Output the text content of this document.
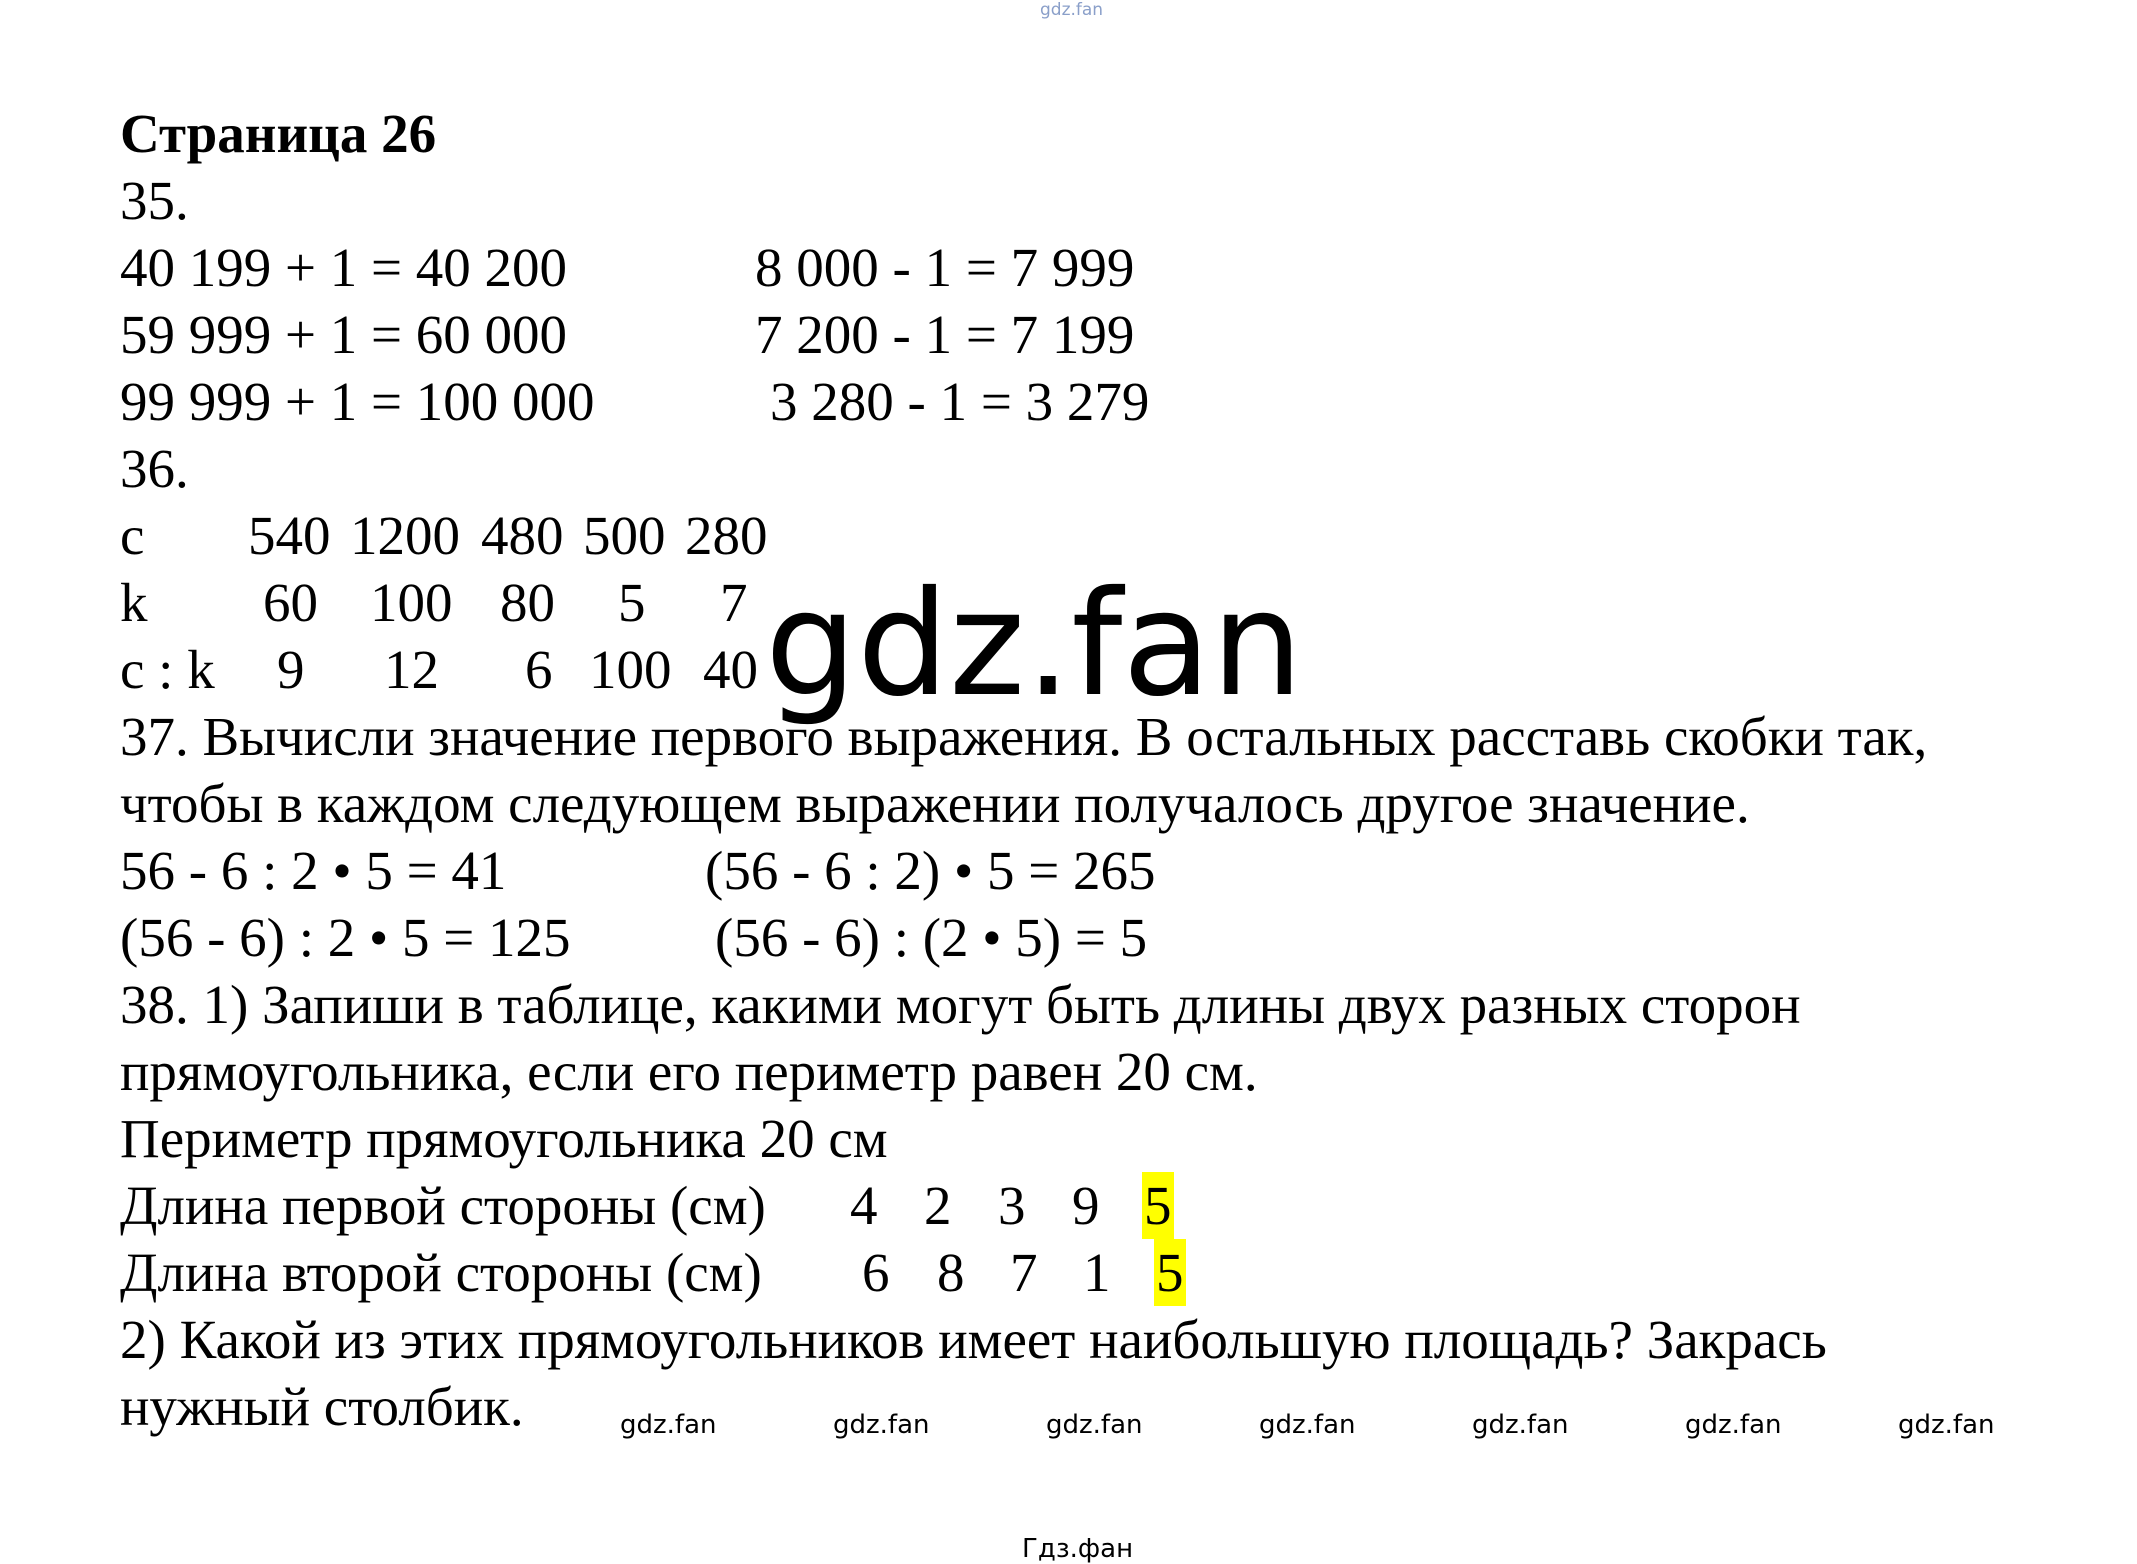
gdz.fan
Страница 26
35.
40 199 + 1 = 40 200	8 000 - 1 = 7 999
59 999 + 1 = 60 000	7 200 - 1 = 7 199
99 999 + 1 = 100 000	3 280 - 1 = 3 279
36.
c 540 1200 480 500 280
k 60 100 80 5 7
c : k 9 12 6 100 40 gdz.fan
37. Вычисли значение первого выражения. В остальных расставь скобки так,
чтобы в каждом следующем выражении получалось другое значение.
56 - 6 : 2 • 5 = 41	(56 - 6 : 2) • 5 = 265
(56 - 6) : 2 • 5 = 125	(56 - 6) : (2 • 5) = 5
38. 1) Запиши в таблице, какими могут быть длины двух разных сторон
прямоугольника, если его периметр равен 20 см.
Периметр прямоугольника 20 см
Длина первой стороны (см) 4 2 3 9 5
Длина второй стороны (см) 6 8 7 1 5
2) Какой из этих прямоугольников имеет наибольшую площадь? Закрась
нужный столбик.	gdz.fan	gdz.fan	gdz.fan	gdz.fan	gdz.fan	gdz.fan	gdz.fan
Гдз.фан
